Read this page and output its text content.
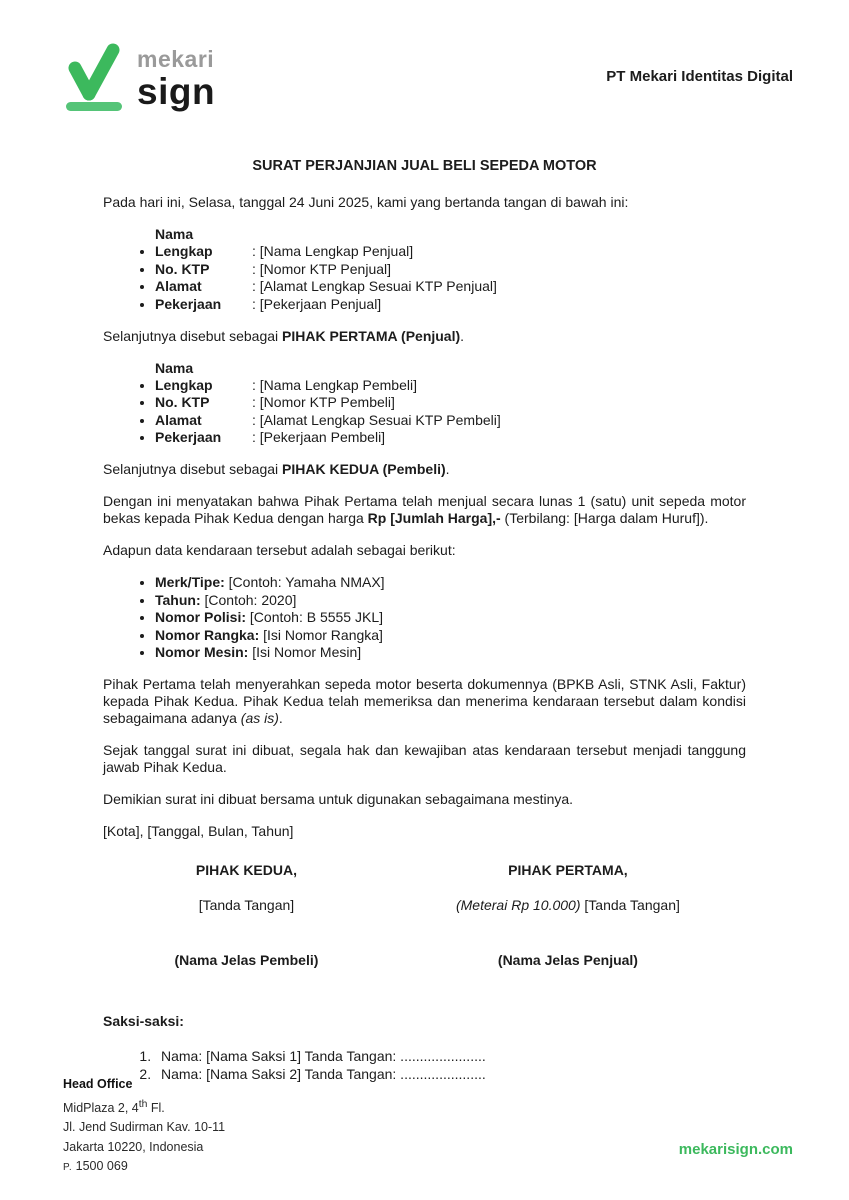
mekari
sign	PT Mekari Identitas Digital
SURAT PERJANJIAN JUAL BELI SEPEDA MOTOR

Pada hari ini, Selasa, tanggal 24 Juni 2025, kami yang bertanda tangan di bawah ini:

• Nama Lengkap	: [Nama Lengkap Penjual]
• No. KTP	: [Nomor KTP Penjual]
• Alamat	: [Alamat Lengkap Sesuai KTP Penjual]
• Pekerjaan : [Pekerjaan Penjual]

Selanjutnya disebut sebagai PIHAK PERTAMA (Penjual).

• Nama Lengkap	: [Nama Lengkap Pembeli]
• No. KTP	: [Nomor KTP Pembeli]
• Alamat	: [Alamat Lengkap Sesuai KTP Pembeli]
• Pekerjaan : [Pekerjaan Pembeli]

Selanjutnya disebut sebagai PIHAK KEDUA (Pembeli).

Dengan ini menyatakan bahwa Pihak Pertama telah menjual secara lunas 1 (satu) unit sepeda motor bekas kepada Pihak Kedua dengan harga Rp [Jumlah Harga],- (Terbilang: [Harga dalam Huruf]).

Adapun data kendaraan tersebut adalah sebagai berikut:

• Merk/Tipe: [Contoh: Yamaha NMAX]
• Tahun: [Contoh: 2020]
• Nomor Polisi: [Contoh: B 5555 JKL]
• Nomor Rangka: [Isi Nomor Rangka]
• Nomor Mesin: [Isi Nomor Mesin]

Pihak Pertama telah menyerahkan sepeda motor beserta dokumennya (BPKB Asli, STNK Asli, Faktur) kepada Pihak Kedua. Pihak Kedua telah memeriksa dan menerima kendaraan tersebut dalam kondisi sebagaimana adanya (as is).

Sejak tanggal surat ini dibuat, segala hak dan kewajiban atas kendaraan tersebut menjadi tanggung jawab Pihak Kedua.

Demikian surat ini dibuat bersama untuk digunakan sebagaimana mestinya.

[Kota], [Tanggal, Bulan, Tahun]

PIHAK KEDUA,
[Tanda Tangan]
(Nama Jelas Pembeli)
PIHAK PERTAMA,
(Meterai Rp 10.000) [Tanda Tangan]
(Nama Jelas Penjual)
Saksi-saksi:
1. Nama: [Nama Saksi 1] Tanda Tangan: ......................
2. Nama: [Nama Saksi 2] Tanda Tangan: ......................
Head Office
MidPlaza 2, 4th Fl.
Jl. Jend Sudirman Kav. 10-11
Jakarta 10220, Indonesia
P. 1500 069
mekarisign.com
